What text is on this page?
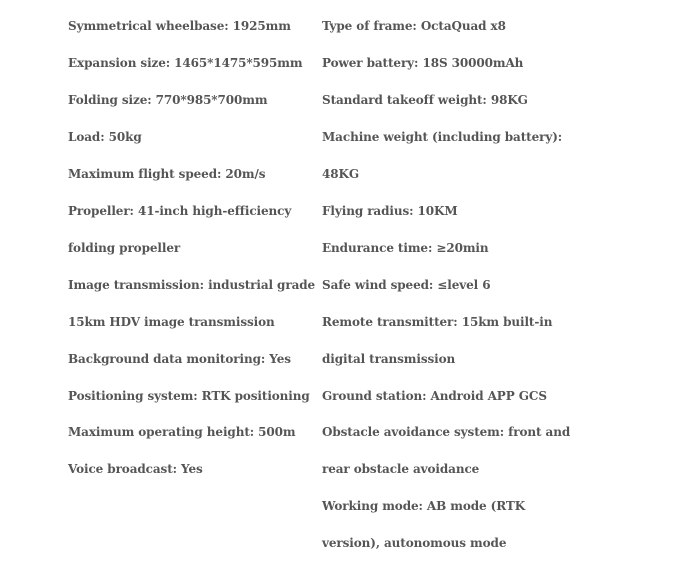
Symmetrical wheelbase: 1925mm
Expansion size: 1465*1475*595mm
Folding size: 770*985*700mm
Load: 50kg
Maximum flight speed: 20m/s
Propeller: 41-inch high-efficiency folding propeller
Image transmission: industrial grade 15km HDV image transmission
Background data monitoring: Yes
Positioning system: RTK positioning
Maximum operating height: 500m
Voice broadcast: Yes
Type of frame: OctaQuad x8
Power battery: 18S 30000mAh
Standard takeoff weight: 98KG
Machine weight (including battery): 48KG
Flying radius: 10KM
Endurance time: ≥20min
Safe wind speed: ≤level 6
Remote transmitter: 15km built-in digital transmission
Ground station: Android APP GCS
Obstacle avoidance system: front and rear obstacle avoidance
Working mode: AB mode (RTK version), autonomous mode
